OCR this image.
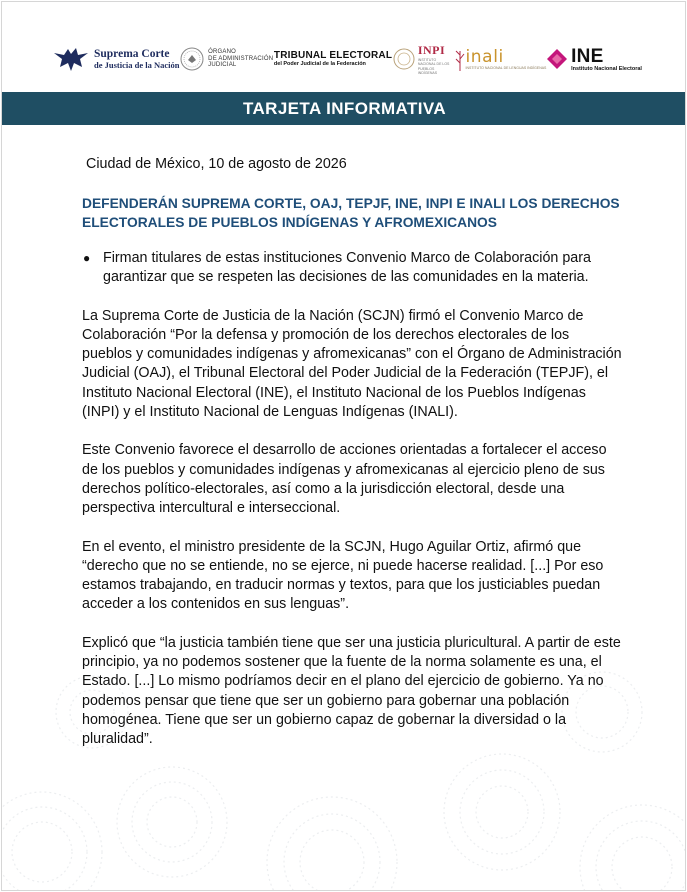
Suprema Corte
de Justicia de la Nación
ÓRGANO
DE ADMINISTRACIÓN
JUDICIAL
TRIBUNAL ELECTORAL
del Poder Judicial de la Federación
INPI
INSTITUTO NACIONAL DE LOS PUEBLOS INDÍGENAS
inali
INSTITUTO NACIONAL DE LENGUAS INDÍGENAS
INE
Instituto Nacional Electoral
TARJETA INFORMATIVA

Ciudad de México, 10 de agosto de 2026

DEFENDERÁN SUPREMA CORTE, OAJ, TEPJF, INE, INPI E INALI LOS DERECHOS ELECTORALES DE PUEBLOS INDÍGENAS Y AFROMEXICANOS

● Firman titulares de estas instituciones Convenio Marco de Colaboración para garantizar que se respeten las decisiones de las comunidades en la materia.

La Suprema Corte de Justicia de la Nación (SCJN) firmó el Convenio Marco de Colaboración “Por la defensa y promoción de los derechos electorales de los pueblos y comunidades indígenas y afromexicanas” con el Órgano de Administración Judicial (OAJ), el Tribunal Electoral del Poder Judicial de la Federación (TEPJF), el Instituto Nacional Electoral (INE), el Instituto Nacional de los Pueblos Indígenas (INPI) y el Instituto Nacional de Lenguas Indígenas (INALI).

Este Convenio favorece el desarrollo de acciones orientadas a fortalecer el acceso de los pueblos y comunidades indígenas y afromexicanas al ejercicio pleno de sus derechos político-electorales, así como a la jurisdicción electoral, desde una perspectiva intercultural e interseccional.

En el evento, el ministro presidente de la SCJN, Hugo Aguilar Ortiz, afirmó que “derecho que no se entiende, no se ejerce, ni puede hacerse realidad. [...] Por eso estamos trabajando, en traducir normas y textos, para que los justiciables puedan acceder a los contenidos en sus lenguas”.

Explicó que “la justicia también tiene que ser una justicia pluricultural. A partir de este principio, ya no podemos sostener que la fuente de la norma solamente es una, el Estado. [...] Lo mismo podríamos decir en el plano del ejercicio de gobierno. Ya no podemos pensar que tiene que ser un gobierno para gobernar una población homogénea. Tiene que ser un gobierno capaz de gobernar la diversidad o la pluralidad”.
